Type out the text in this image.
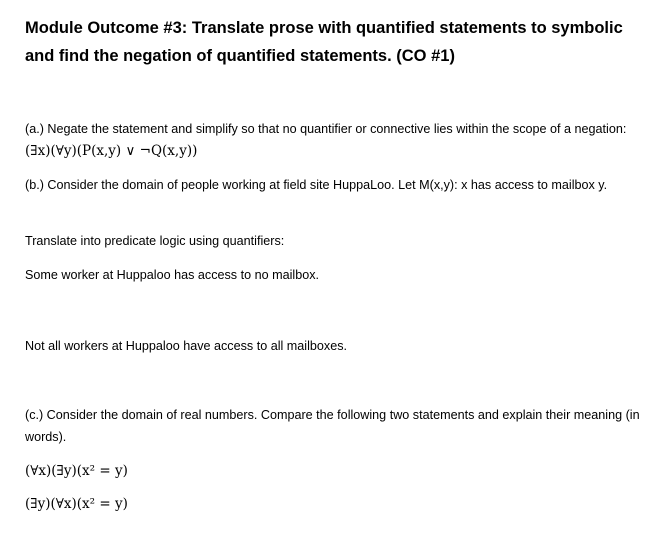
Module Outcome #3: Translate prose with quantified statements to symbolic and find the negation of quantified statements. (CO #1)

(a.) Negate the statement and simplify so that no quantifier or connective lies within the scope of a negation: (∃x)(∀y)(P(x,y) ∨ ¬Q(x,y))

(b.) Consider the domain of people working at field site HuppaLoo. Let M(x,y): x has access to mailbox y.

Translate into predicate logic using quantifiers:

Some worker at Huppaloo has access to no mailbox.

Not all workers at Huppaloo have access to all mailboxes.

(c.) Consider the domain of real numbers. Compare the following two statements and explain their meaning (in words).

(∀x)(∃y)(x² = y)

(∃y)(∀x)(x² = y)
